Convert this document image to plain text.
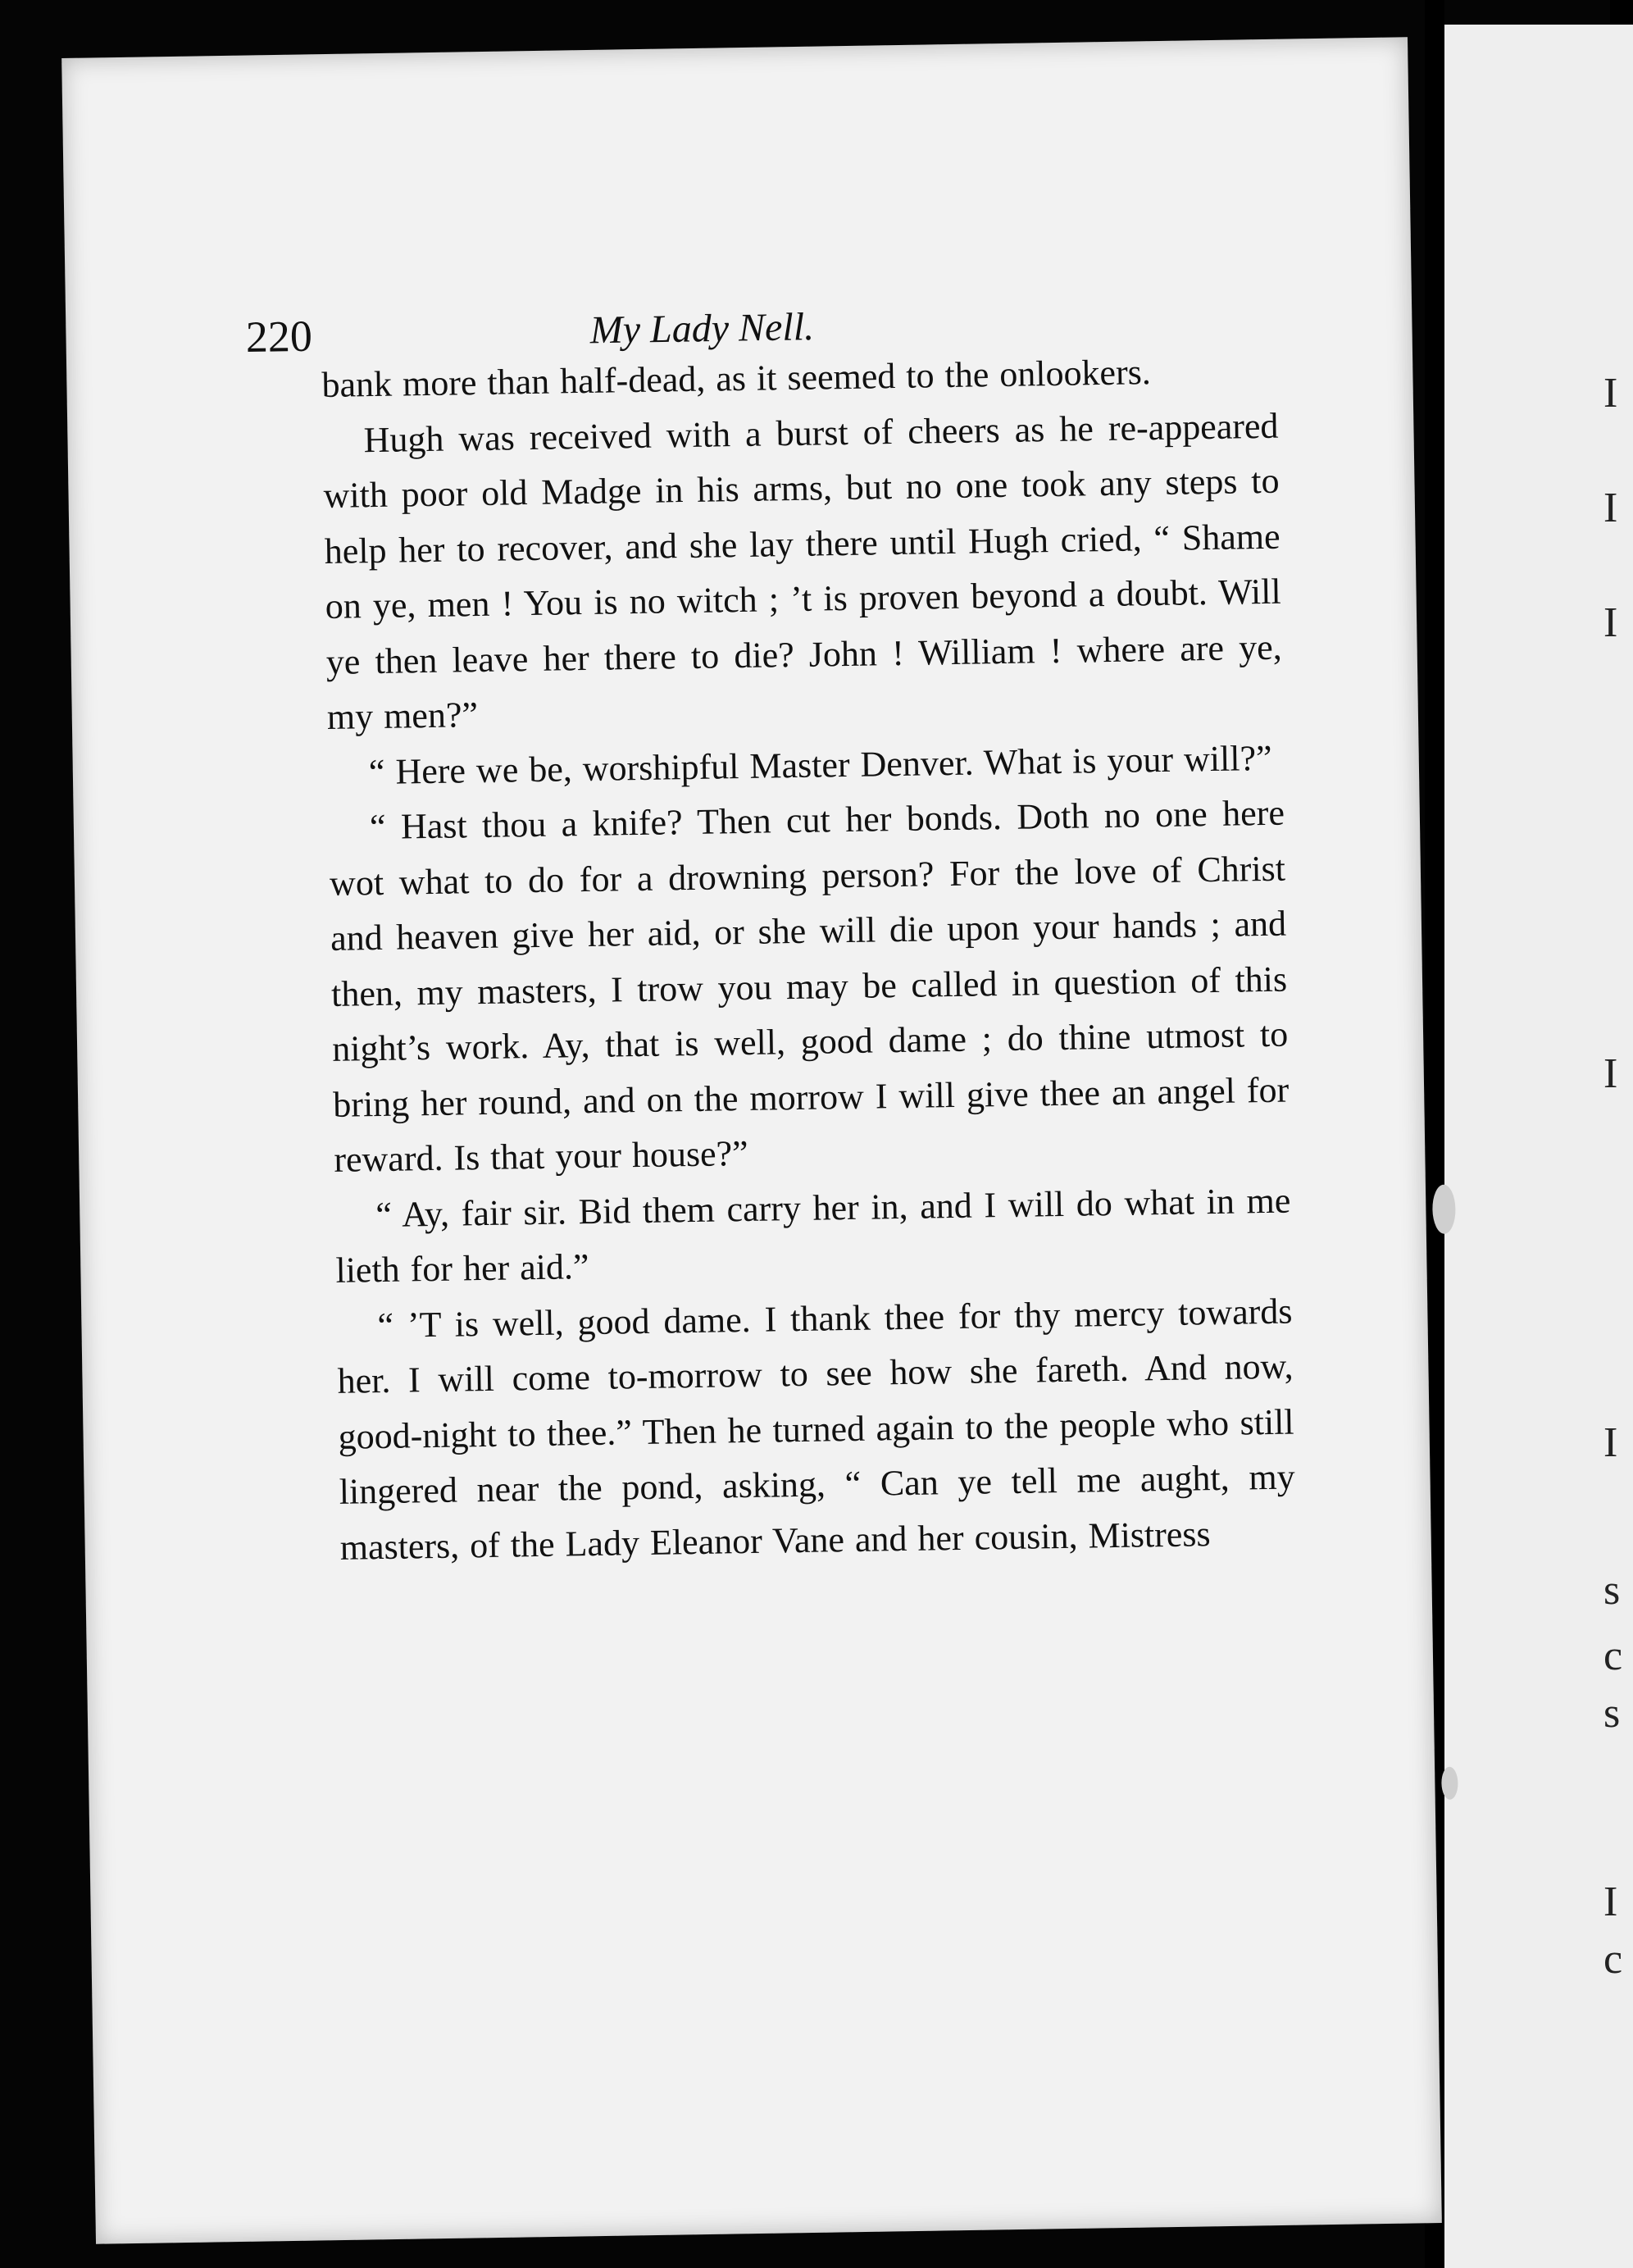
I
I
I
I
I
s
c
s
I
c
220	My Lady Nell.

bank more than half-dead, as it seemed to the onlookers.

Hugh was received with a burst of cheers as he re-appeared with poor old Madge in his arms, but no one took any steps to help her to recover, and she lay there until Hugh cried, “ Shame on ye, men ! You is no witch ; ’t is proven beyond a doubt. Will ye then leave her there to die? John ! William ! where are ye, my men?”

“ Here we be, worshipful Master Denver. What is your will?”

“ Hast thou a knife? Then cut her bonds. Doth no one here wot what to do for a drowning person? For the love of Christ and heaven give her aid, or she will die upon your hands ; and then, my masters, I trow you may be called in question of this night’s work. Ay, that is well, good dame ; do thine utmost to bring her round, and on the morrow I will give thee an angel for reward. Is that your house?”

“ Ay, fair sir. Bid them carry her in, and I will do what in me lieth for her aid.”

“ ’T is well, good dame. I thank thee for thy mercy towards her. I will come to-morrow to see how she fareth. And now, good-night to thee.” Then he turned again to the people who still lingered near the pond, asking, “ Can ye tell me aught, my masters, of the Lady Eleanor Vane and her cousin, Mistress
